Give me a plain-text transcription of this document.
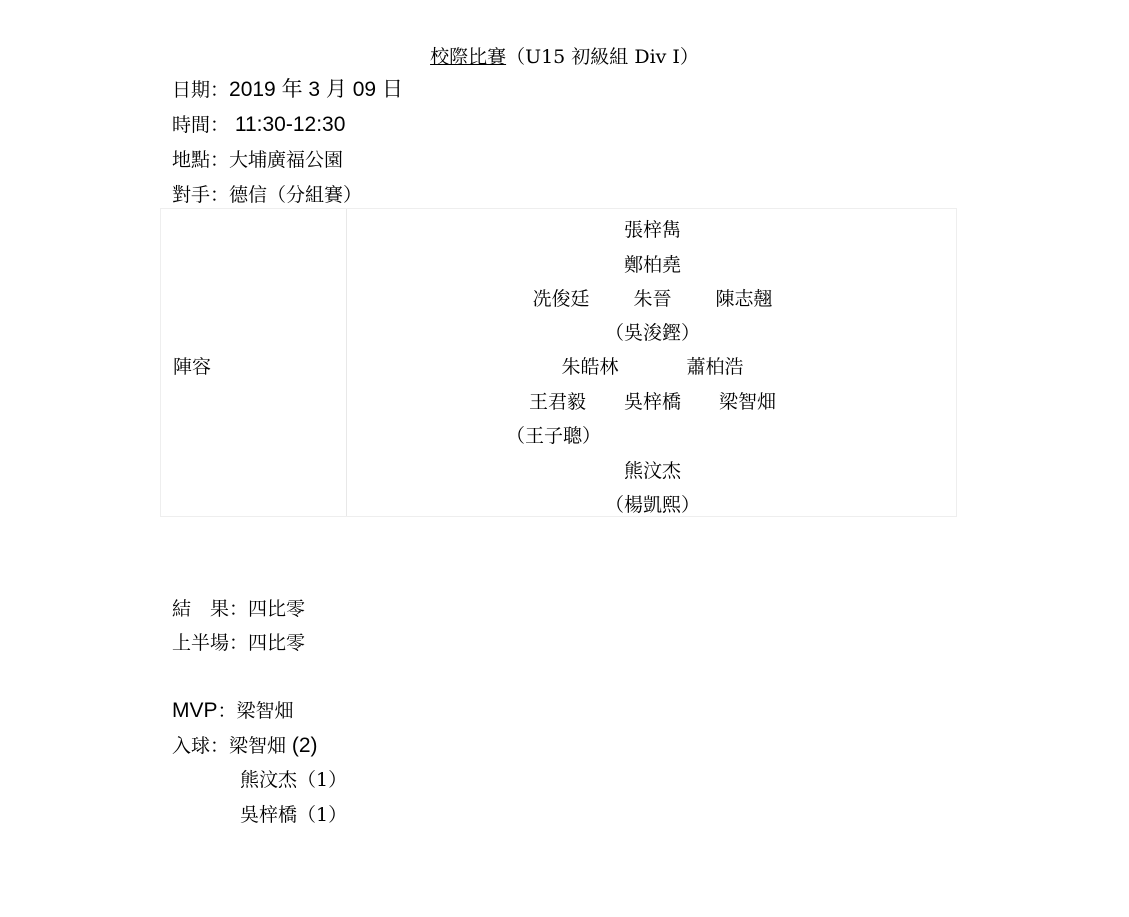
校際比賽（U15 初級組 Div I）
日期：2019 年 3 月 09 日
時間： 11:30-12:30
地點：大埔廣福公園
對手：德信（分組賽）
陣容
張梓雋
鄭柏堯
冼俊廷 朱晉 陳志翹
（吳浚鏗）
朱皓林	蕭柏浩
王君毅 吳梓橋 梁智畑
（王子聰）
熊汶杰
（楊凱熙）
結　果：四比零
上半場：四比零
MVP：梁智畑
入球：梁智畑 (2)
熊汶杰（1）
吳梓橋（1）
